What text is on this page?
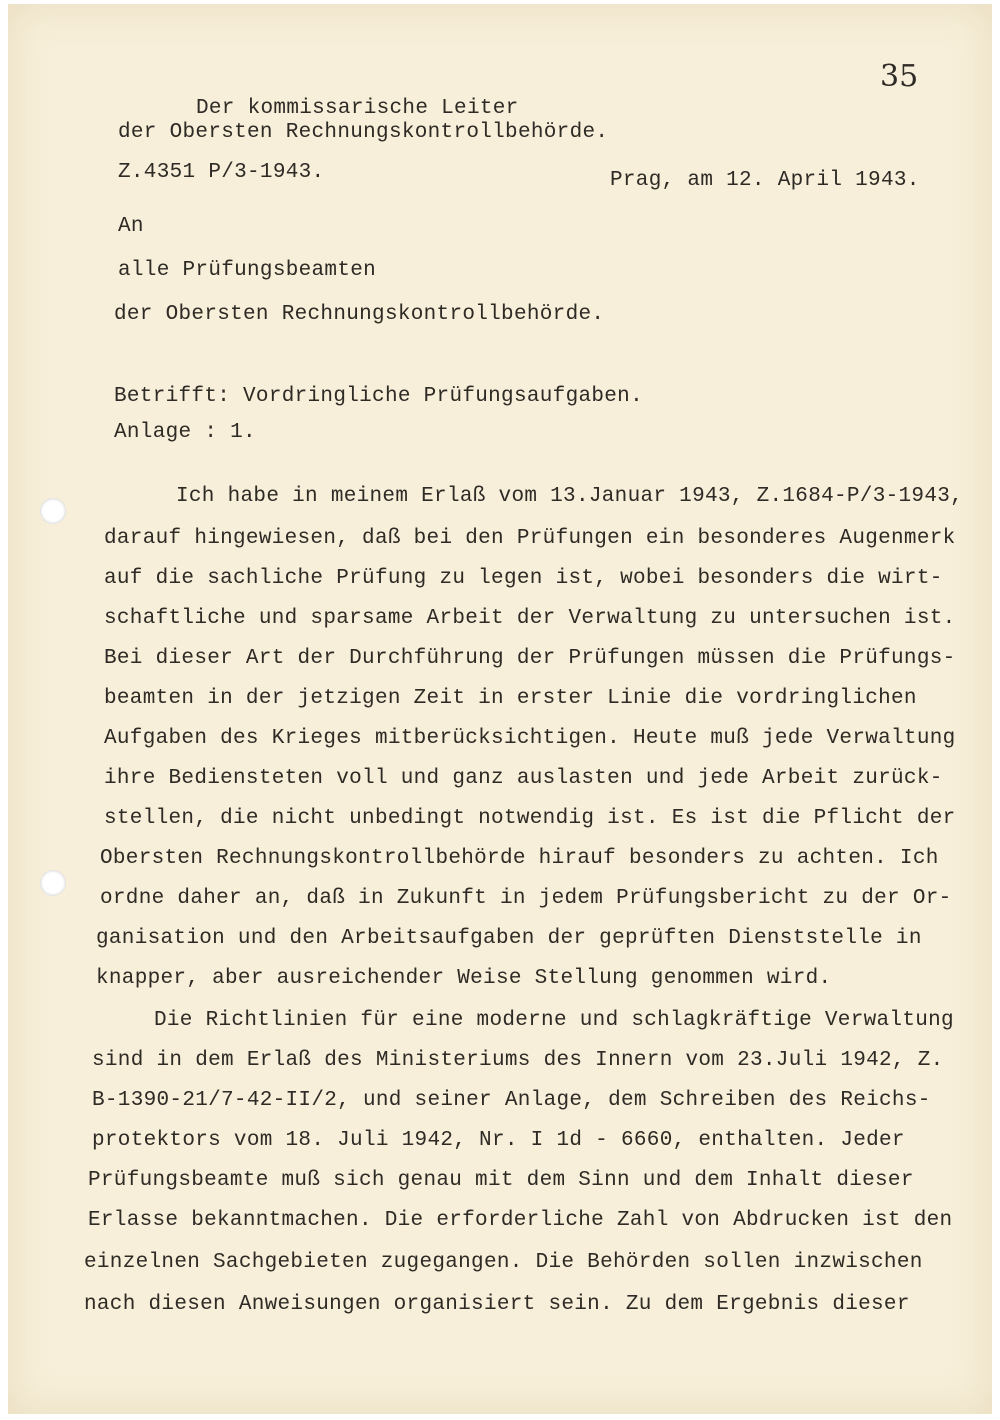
35

Der kommissarische Leiter

der Obersten Rechnungskontrollbehörde.

Z.4351 P/3-1943.	Prag, am 12. April 1943.

An

alle Prüfungsbeamten

der Obersten Rechnungskontrollbehörde.

Betrifft: Vordringliche Prüfungsaufgaben.

Anlage : 1.

Ich habe in meinem Erlaß vom 13.Januar 1943, Z.1684-P/3-1943,

darauf hingewiesen, daß bei den Prüfungen ein besonderes Augenmerk

auf die sachliche Prüfung zu legen ist, wobei besonders die wirt-

schaftliche und sparsame Arbeit der Verwaltung zu untersuchen ist.

Bei dieser Art der Durchführung der Prüfungen müssen die Prüfungs-

beamten in der jetzigen Zeit in erster Linie die vordringlichen

Aufgaben des Krieges mitberücksichtigen. Heute muß jede Verwaltung

ihre Bediensteten voll und ganz auslasten und jede Arbeit zurück-

stellen, die nicht unbedingt notwendig ist. Es ist die Pflicht der

Obersten Rechnungskontrollbehörde hirauf besonders zu achten. Ich

ordne daher an, daß in Zukunft in jedem Prüfungsbericht zu der Or-

ganisation und den Arbeitsaufgaben der geprüften Dienststelle in

knapper, aber ausreichender Weise Stellung genommen wird.

Die Richtlinien für eine moderne und schlagkräftige Verwaltung

sind in dem Erlaß des Ministeriums des Innern vom 23.Juli 1942, Z.

B-1390-21/7-42-II/2, und seiner Anlage, dem Schreiben des Reichs-

protektors vom 18. Juli 1942, Nr. I 1d - 6660, enthalten. Jeder

Prüfungsbeamte muß sich genau mit dem Sinn und dem Inhalt dieser

Erlasse bekanntmachen. Die erforderliche Zahl von Abdrucken ist den

einzelnen Sachgebieten zugegangen. Die Behörden sollen inzwischen

nach diesen Anweisungen organisiert sein. Zu dem Ergebnis dieser
